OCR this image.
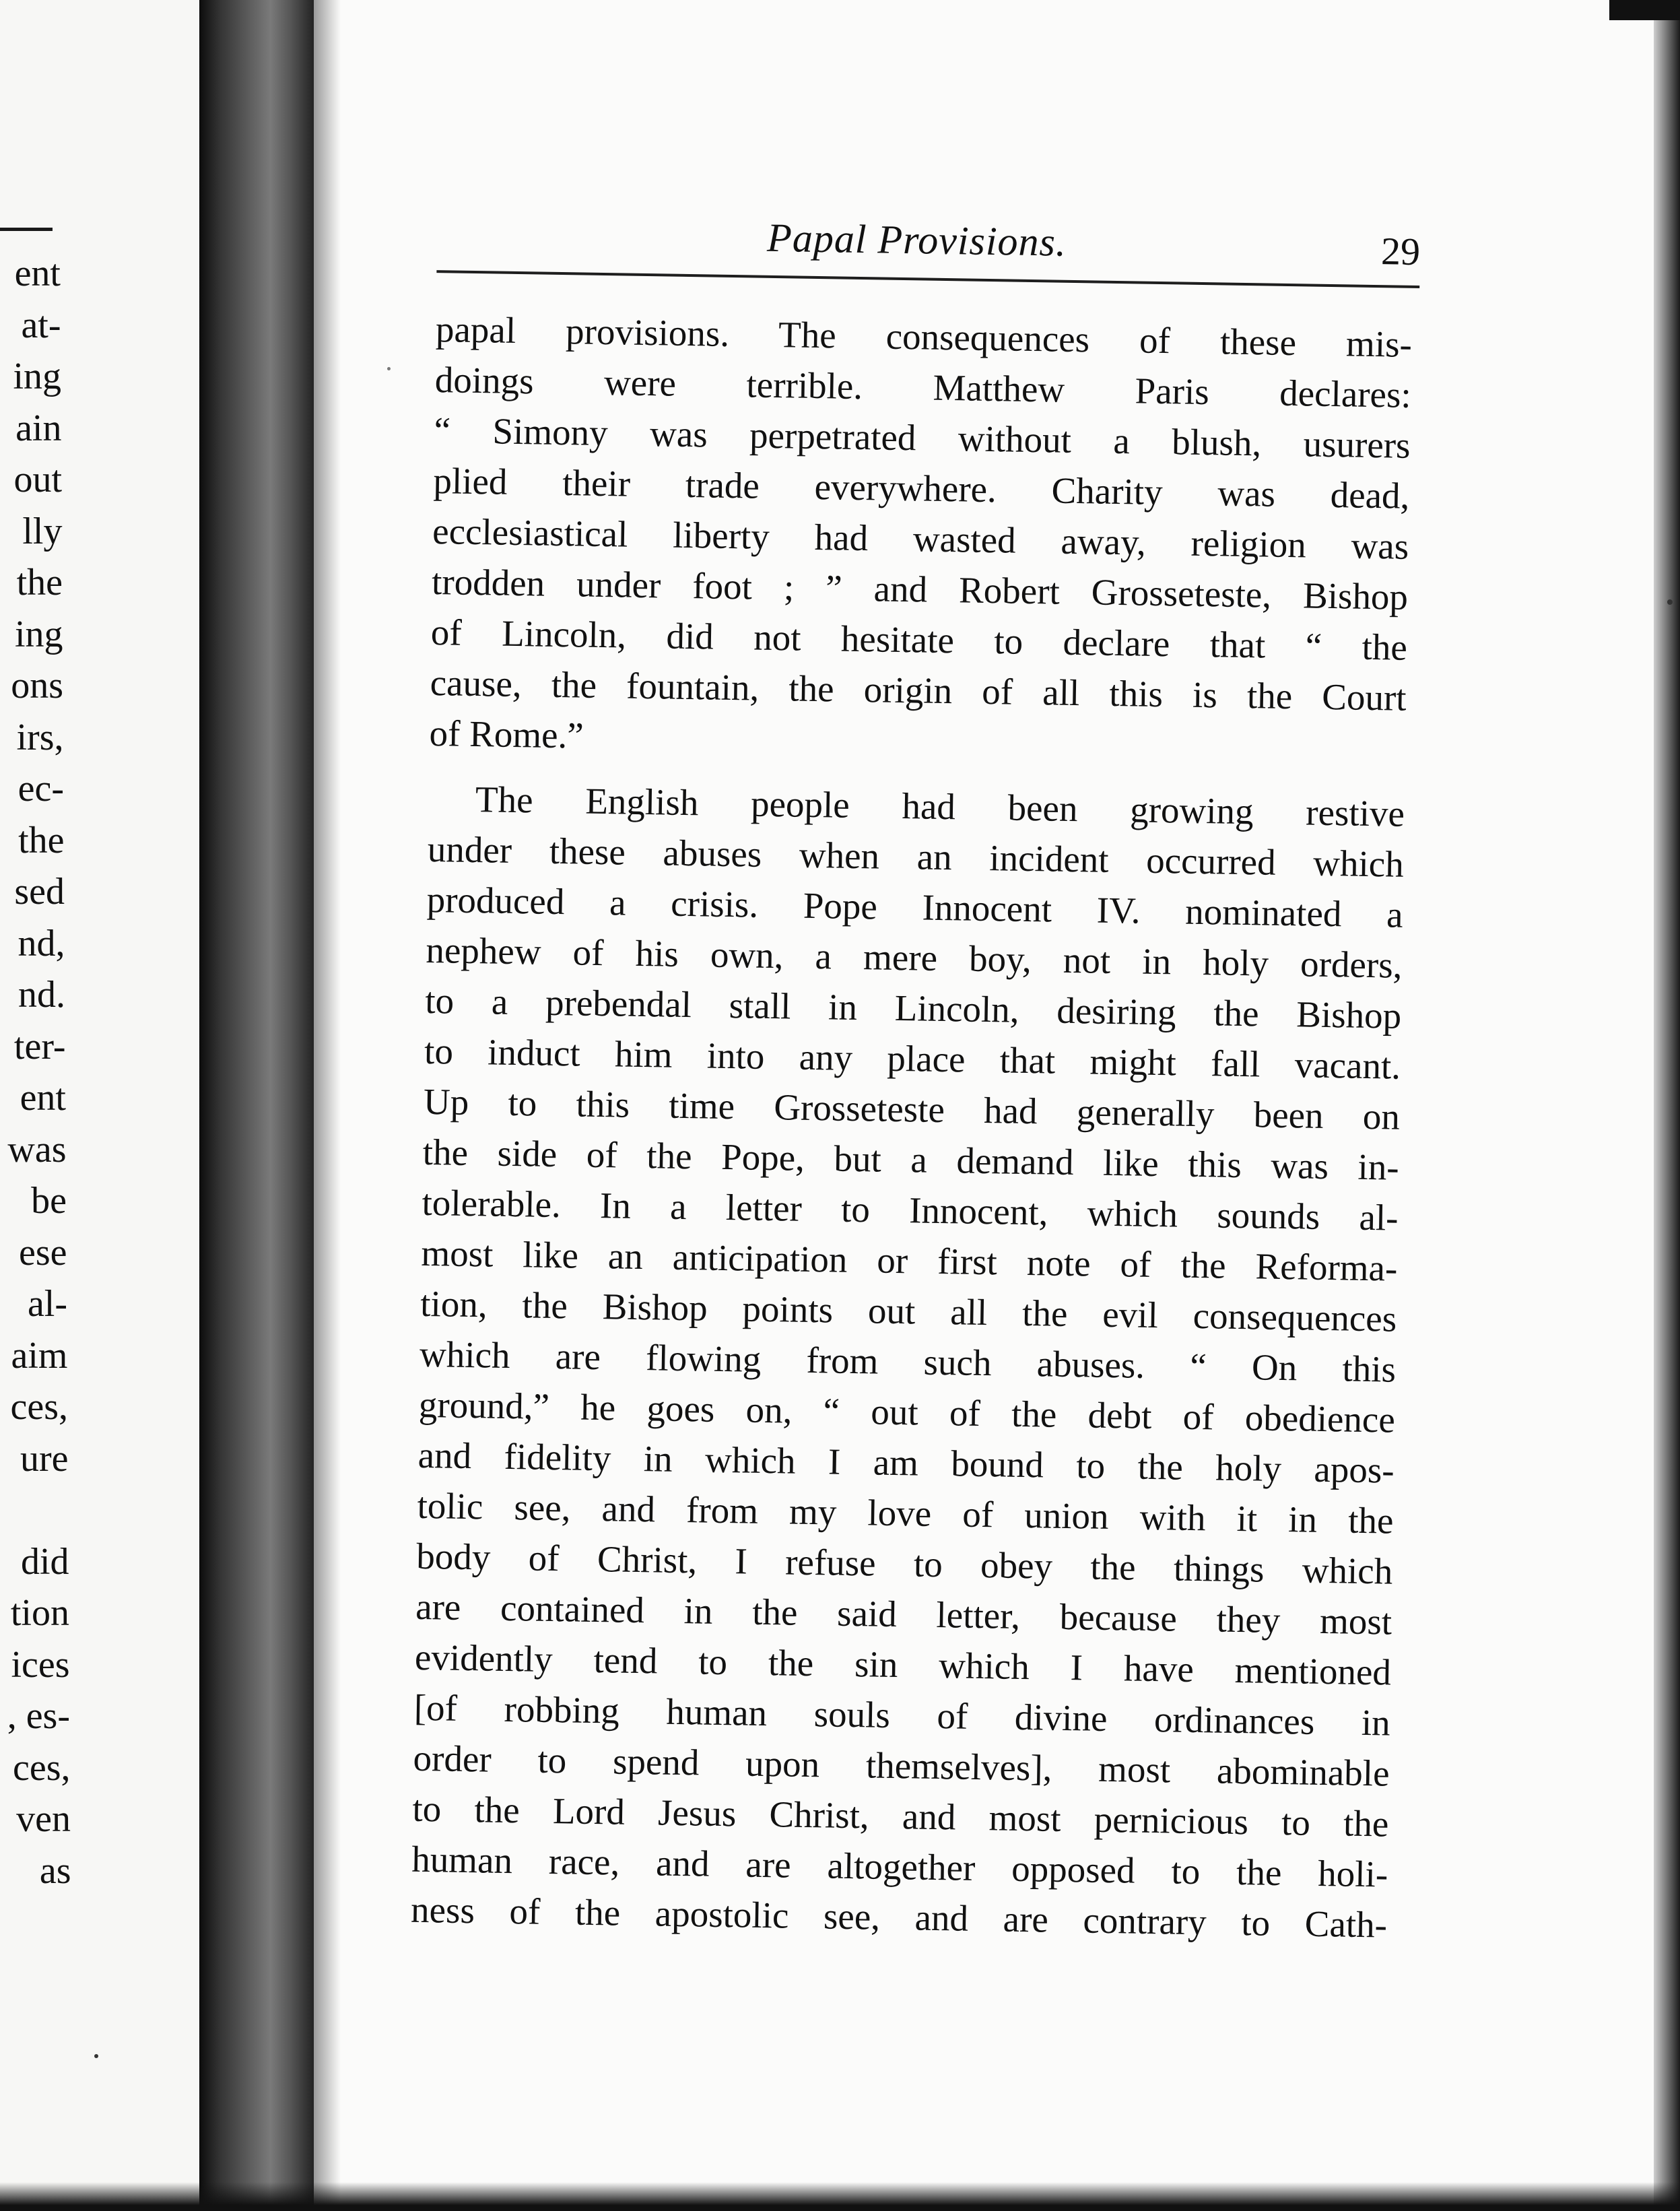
ent
at-
ing
ain
out
lly
the
ing
ons
irs,
ec-
the
sed
nd,
nd.
ter-
ent
was
be
ese
al-
aim
ces,
ure
did
tion
ices
, es-
ces,
ven
as
Papal Provisions.	29
papal provisions. The consequences of these mis-
doings were terrible. Matthew Paris declares:
“ Simony was perpetrated without a blush, usurers
plied their trade everywhere. Charity was dead,
ecclesiastical liberty had wasted away, religion was
trodden under foot ; ” and Robert Grosseteste, Bishop
of Lincoln, did not hesitate to declare that “ the
cause, the fountain, the origin of all this is the Court
of Rome.”
The English people had been growing restive
under these abuses when an incident occurred which
produced a crisis. Pope Innocent IV. nominated a
nephew of his own, a mere boy, not in holy orders,
to a prebendal stall in Lincoln, desiring the Bishop
to induct him into any place that might fall vacant.
Up to this time Grosseteste had generally been on
the side of the Pope, but a demand like this was in-
tolerable. In a letter to Innocent, which sounds al-
most like an anticipation or first note of the Reforma-
tion, the Bishop points out all the evil consequences
which are flowing from such abuses. “ On this
ground,” he goes on, “ out of the debt of obedience
and fidelity in which I am bound to the holy apos-
tolic see, and from my love of union with it in the
body of Christ, I refuse to obey the things which
are contained in the said letter, because they most
evidently tend to the sin which I have mentioned
[of robbing human souls of divine ordinances in
order to spend upon themselves], most abominable
to the Lord Jesus Christ, and most pernicious to the
human race, and are altogether opposed to the holi-
ness of the apostolic see, and are contrary to Cath-
